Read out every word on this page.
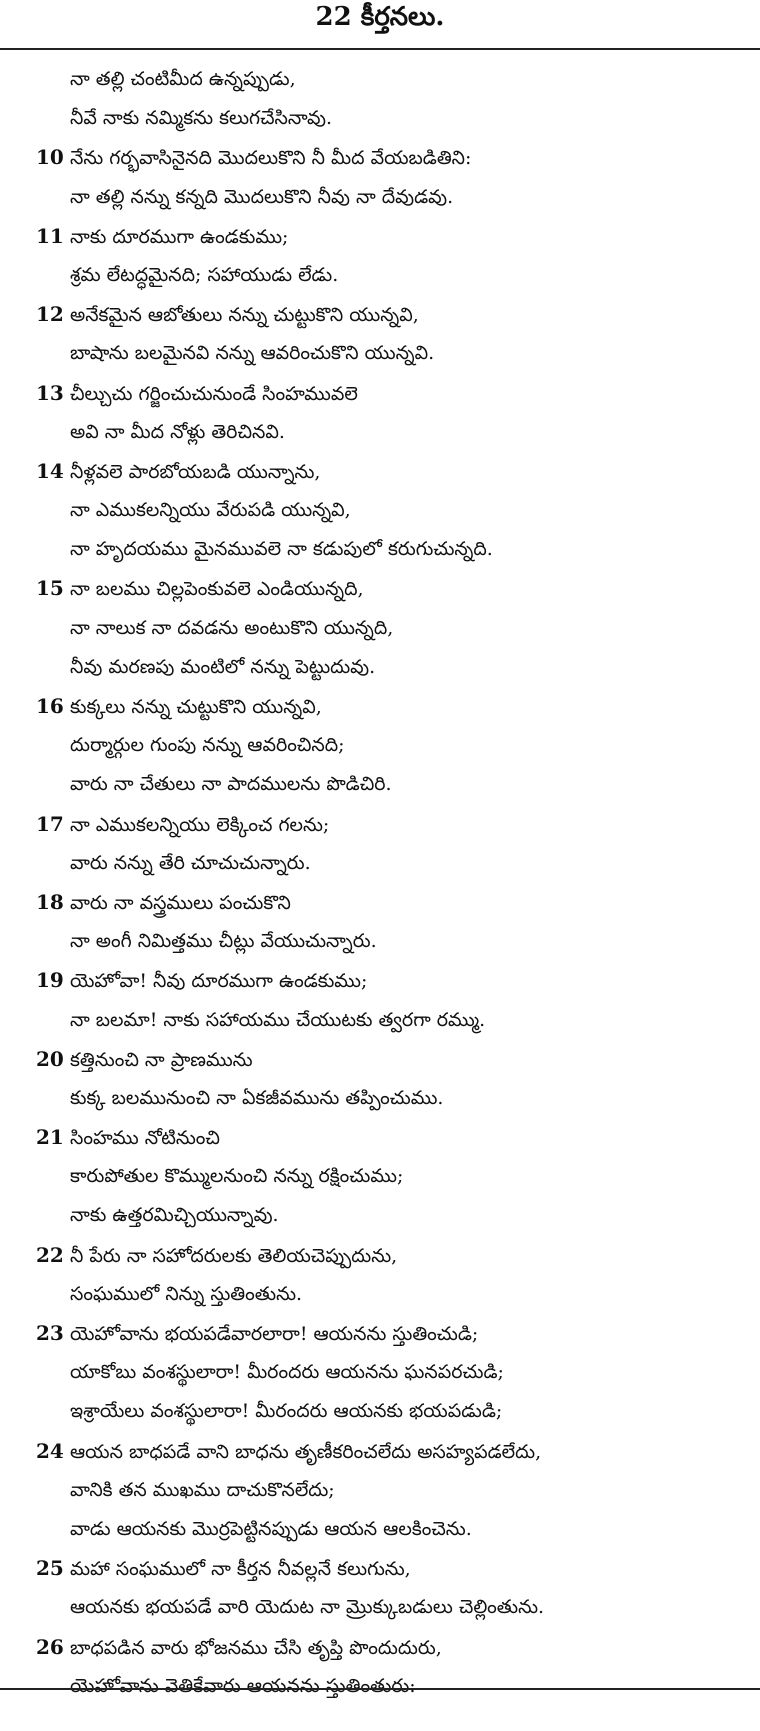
22 కీర్తనలు.
నా తల్లి చంటిమీద ఉన్నప్పుడు,
నీవే నాకు నమ్మికను కలుగచేసినావు.
10 నేను గర్భవాసినైనది మొదలుకొని నీ మీద వేయబడితిని:
నా తల్లి నన్ను కన్నది మొదలుకొని నీవు నా దేవుడవు.
11 నాకు దూరముగా ఉండకుము;
శ్రమ లేటద్ధమైనది; సహాయుడు లేడు.
12 అనేకమైన ఆబోతులు నన్ను చుట్టుకొని యున్నవి,
బాషాను బలమైనవి నన్ను ఆవరించుకొని యున్నవి.
13 చీల్చుచు గర్జించుచునుండే సింహమువలె
అవి నా మీద నోళ్లు తెరిచినవి.
14 నీళ్లవలె పారబోయబడి యున్నాను,
నా ఎముకలన్నియు వేరుపడి యున్నవి,
నా హృదయము మైనమువలె నా కడుపులో కరుగుచున్నది.
15 నా బలము చిల్లపెంకువలె ఎండియున్నది,
నా నాలుక నా దవడను అంటుకొని యున్నది,
నీవు మరణపు మంటిలో నన్ను పెట్టుదువు.
16 కుక్కలు నన్ను చుట్టుకొని యున్నవి,
దుర్మార్గుల గుంపు నన్ను ఆవరించినది;
వారు నా చేతులు నా పాదములను పొడిచిరి.
17 నా ఎముకలన్నియు లెక్కించ గలను;
వారు నన్ను తేరి చూచుచున్నారు.
18 వారు నా వస్త్రములు పంచుకొని
నా అంగీ నిమిత్తము చీట్లు వేయుచున్నారు.
19 యెహోవా! నీవు దూరముగా ఉండకుము;
నా బలమా! నాకు సహాయము చేయుటకు త్వరగా రమ్ము.
20 కత్తినుంచి నా ప్రాణమును
కుక్క బలమునుంచి నా ఏకజీవమును తప్పించుము.
21 సింహము నోటినుంచి
కారుపోతుల కొమ్ములనుంచి నన్ను రక్షించుము;
నాకు ఉత్తరమిచ్చియున్నావు.
22 నీ పేరు నా సహోదరులకు తెలియచెప్పుదును,
సంఘములో నిన్ను స్తుతింతును.
23 యెహోవాను భయపడేవారలారా! ఆయనను స్తుతించుడి;
యాకోబు వంశస్థులారా! మీరందరు ఆయనను ఘనపరచుడి;
ఇశ్రాయేలు వంశస్థులారా! మీరందరు ఆయనకు భయపడుడి;
24 ఆయన బాధపడే వాని బాధను తృణీకరించలేదు అసహ్యపడలేదు,
వానికి తన ముఖము దాచుకొనలేదు;
వాడు ఆయనకు మొర్రపెట్టినప్పుడు ఆయన ఆలకించెను.
25 మహా సంఘములో నా కీర్తన నీవల్లనే కలుగును,
ఆయనకు భయపడే వారి యెదుట నా మ్రొక్కుబడులు చెల్లింతును.
26 బాధపడిన వారు భోజనము చేసి తృప్తి పొందుదురు,
యెహోవాను వెతికేవారు ఆయనను స్తుతింతురు:
